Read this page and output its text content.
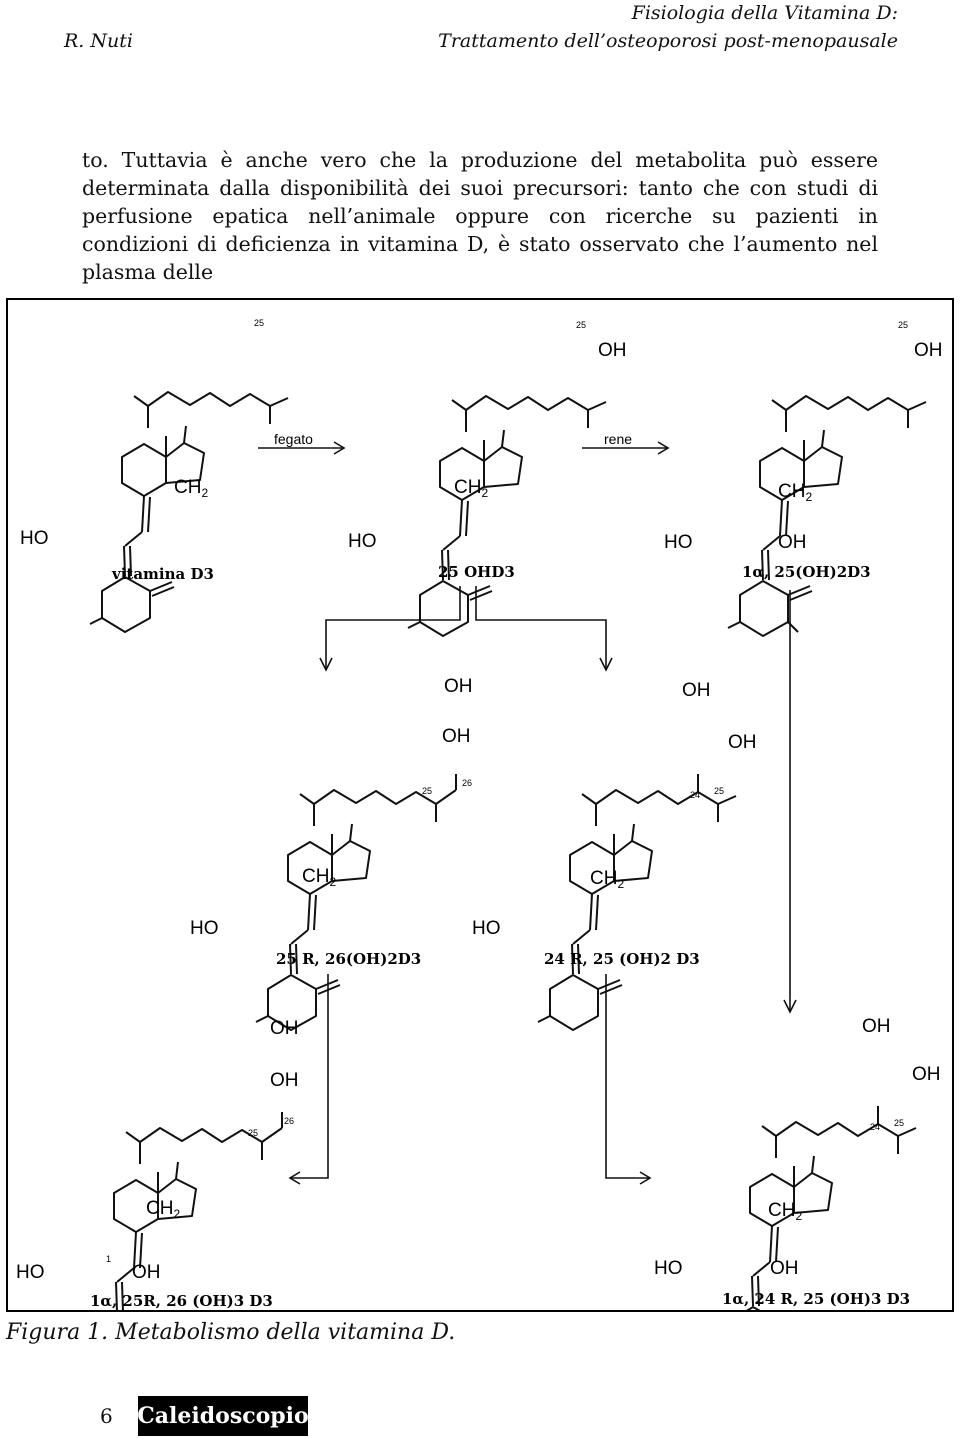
Fisiologia della Vitamina D:
R. Nuti	Trattamento dell’osteoporosi post-menopausale
to. Tuttavia è anche vero che la produzione del metabolita può essere determinata dalla disponibilità dei suoi precursori: tanto che con studi di perfusione epatica nell’animale oppure con ricerche su pazienti in condizioni di deficienza in vitamina D, è stato osservato che l’aumento nel plasma delle
25
$CH_2$
HO
vitamina D3
25
OH
$CH_2$
HO
25 OHD3
25
OH
$CH_2$
HO	OH
1α, 25(OH)2D3
fegato	rene
25
26
OH
OH
$CH_2$
HO
25 R, 26(OH)2D3
24 25
OH
OH
$CH_2$
HO
24 R, 25 (OH)2 D3
25
26
OH
OH
$CH_2$
HO	OH
1
1α, 25R, 26 (OH)3 D3
24 25
OH
OH
$CH_2$
HO	OH
1α, 24 R, 25 (OH)3 D3
Figura 1. Metabolismo della vitamina D.
6 Caleidoscopio
